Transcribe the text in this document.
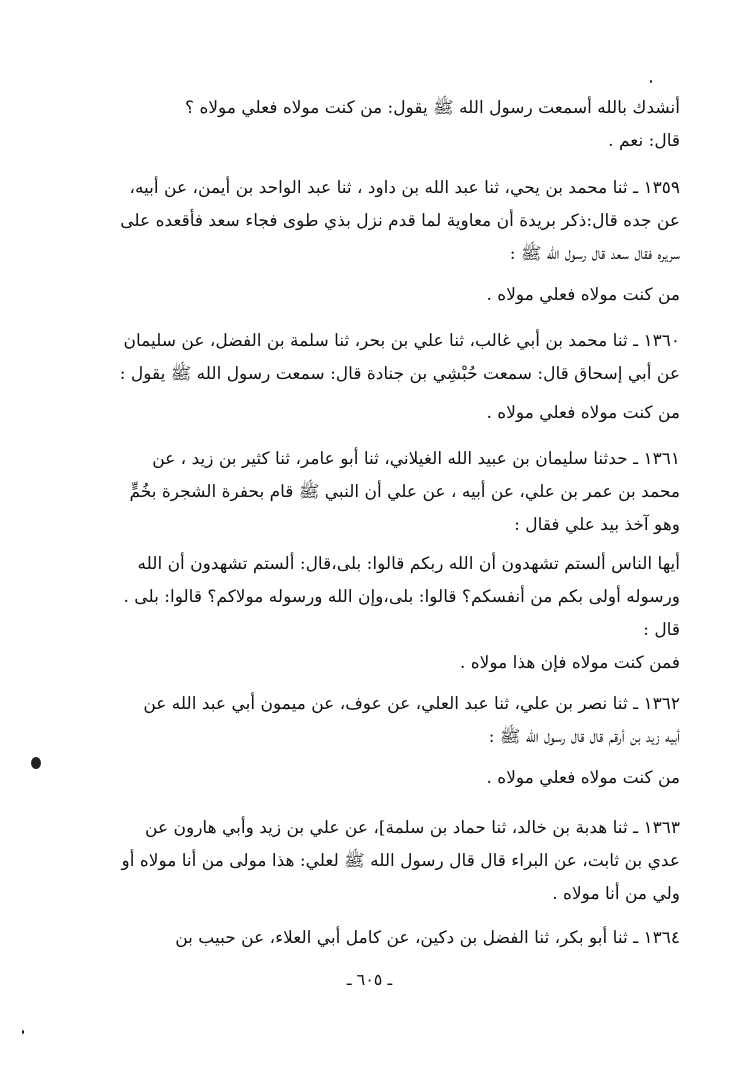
أنشدك بالله أسمعت رسول الله ﷺ يقول: من كنت مولاه فعلي مولاه ؟
قال: نعم .
١٣٥٩ ـ ثنا محمد بن يحي، ثنا عبد الله بن داود ، ثنا عبد الواحد بن أيمن، عن أبيه،
عن جده قال:ذكر بريدة أن معاوية لما قدم نزل بذي طوى فجاء سعد فأقعده على
سريره فقال سعد قال رسول الله ﷺ :
من كنت مولاه فعلي مولاه .
١٣٦٠ ـ ثنا محمد بن أبي غالب، ثنا علي بن بحر، ثنا سلمة بن الفضل، عن سليمان
عن أبي إسحاق قال: سمعت حُبْشِي بن جنادة قال: سمعت رسول الله ﷺ يقول :
من كنت مولاه فعلي مولاه .
١٣٦١ ـ حدثنا سليمان بن عبيد الله الغيلاني، ثنا أبو عامر، ثنا كثير بن زيد ، عن
محمد بن عمر بن علي، عن أبيه ، عن علي أن النبي ﷺ قام بحفرة الشجرة بخُمٍّ
وهو آخذ بيد علي فقال :
أيها الناس ألستم تشهدون أن الله ربكم قالوا: بلى،قال: ألستم تشهدون أن الله
ورسوله أولى بكم من أنفسكم؟ قالوا: بلى،وإن الله ورسوله مولاكم؟ قالوا: بلى .
قال :
فمن كنت مولاه فإن هذا مولاه .
١٣٦٢ ـ ثنا نصر بن علي، ثنا عبد العلي، عن عوف، عن ميمون أبي عبد الله عن
أبيه زيد بن أرقم قال قال رسول الله ﷺ :
من كنت مولاه فعلي مولاه .
١٣٦٣ ـ ثنا هدبة بن خالد، ثنا حماد بن سلمة]، عن علي بن زيد وأبي هارون عن
عدي بن ثابت، عن البراء قال قال رسول الله ﷺ لعلي: هذا مولى من أنا مولاه أو
ولي من أنا مولاه .
١٣٦٤ ـ ثنا أبو بكر، ثنا الفضل بن دكين، عن كامل أبي العلاء، عن حبيب بن
ـ ٦٠٥ ـ
